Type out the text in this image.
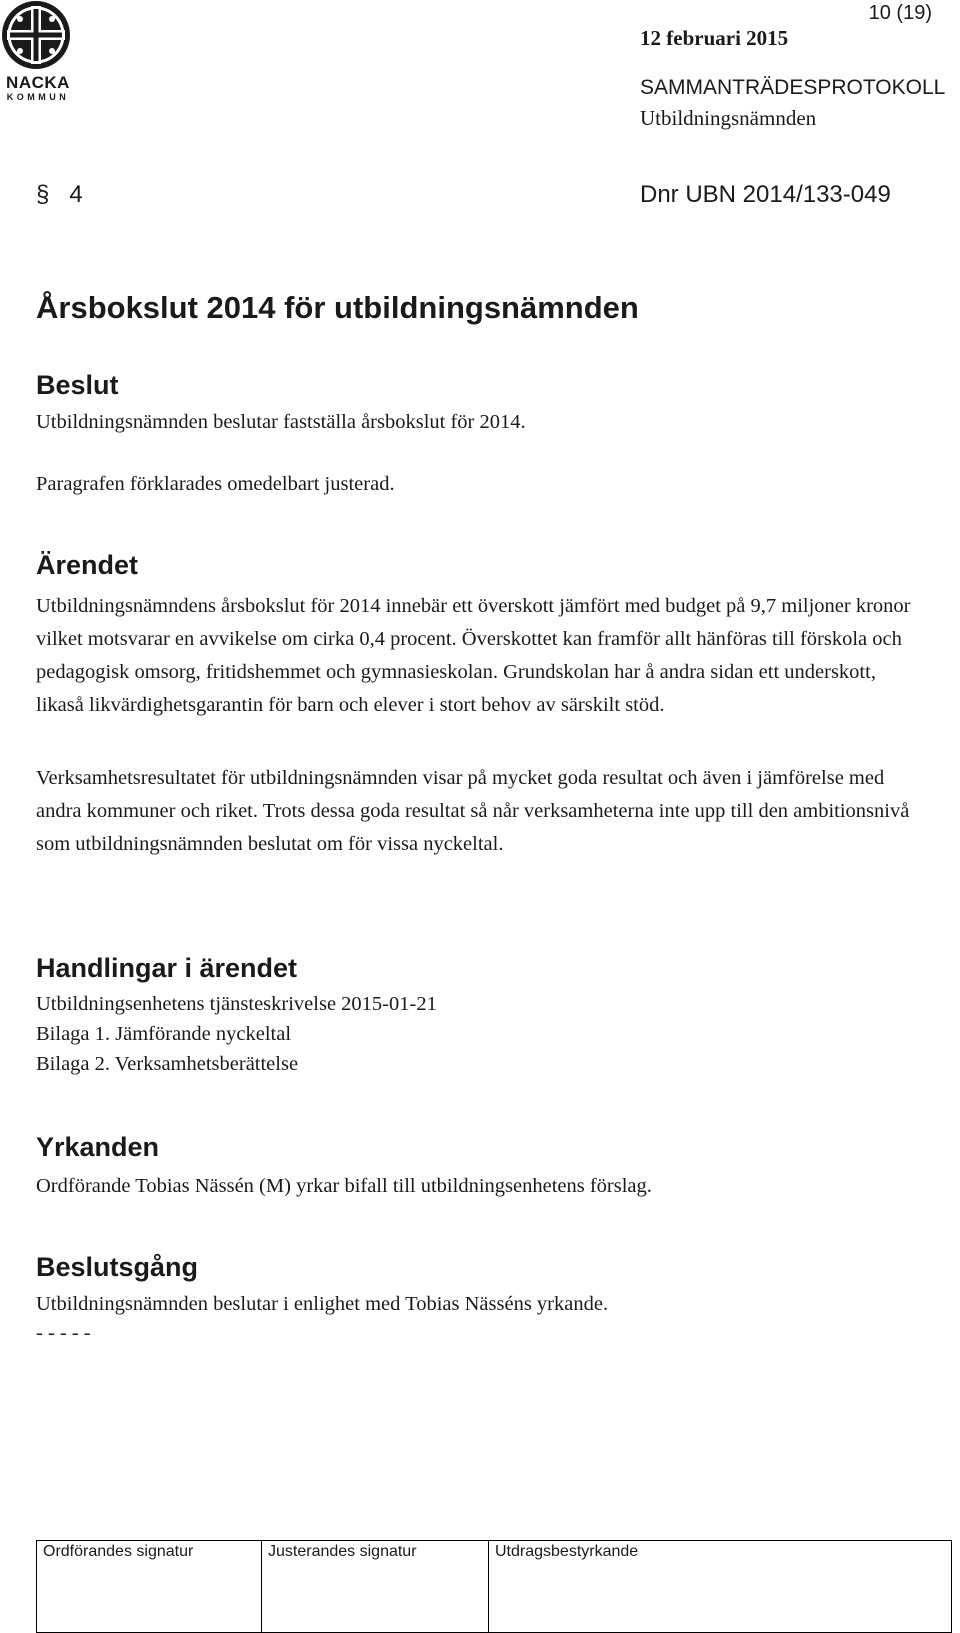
NACKA
KOMMUN
10 (19)
12 februari 2015
SAMMANTRÄDESPROTOKOLL
Utbildningsnämnden
§ 4	Dnr UBN 2014/133-049
Årsbokslut 2014 för utbildningsnämnden
Beslut
Utbildningsnämnden beslutar fastställa årsbokslut för 2014.
Paragrafen förklarades omedelbart justerad.
Ärendet

Utbildningsnämndens årsbokslut för 2014 innebär ett överskott jämfört med budget på 9,7 miljoner kronor vilket motsvarar en avvikelse om cirka 0,4 procent. Överskottet kan framför allt hänföras till förskola och pedagogisk omsorg, fritidshemmet och gymnasieskolan. Grundskolan har å andra sidan ett underskott, likaså likvärdighetsgarantin för barn och elever i stort behov av särskilt stöd.

Verksamhetsresultatet för utbildningsnämnden visar på mycket goda resultat och även i jämförelse med andra kommuner och riket. Trots dessa goda resultat så når verksamheterna inte upp till den ambitionsnivå som utbildningsnämnden beslutat om för vissa nyckeltal.

Handlingar i ärendet
Utbildningsenhetens tjänsteskrivelse 2015-01-21
Bilaga 1. Jämförande nyckeltal
Bilaga 2. Verksamhetsberättelse
Yrkanden
Ordförande Tobias Nässén (M) yrkar bifall till utbildningsenhetens förslag.
Beslutsgång
Utbildningsnämnden beslutar i enlighet med Tobias Nässéns yrkande.
- - - - -
Ordförandes signatur	Justerandes signatur	Utdragsbestyrkande
